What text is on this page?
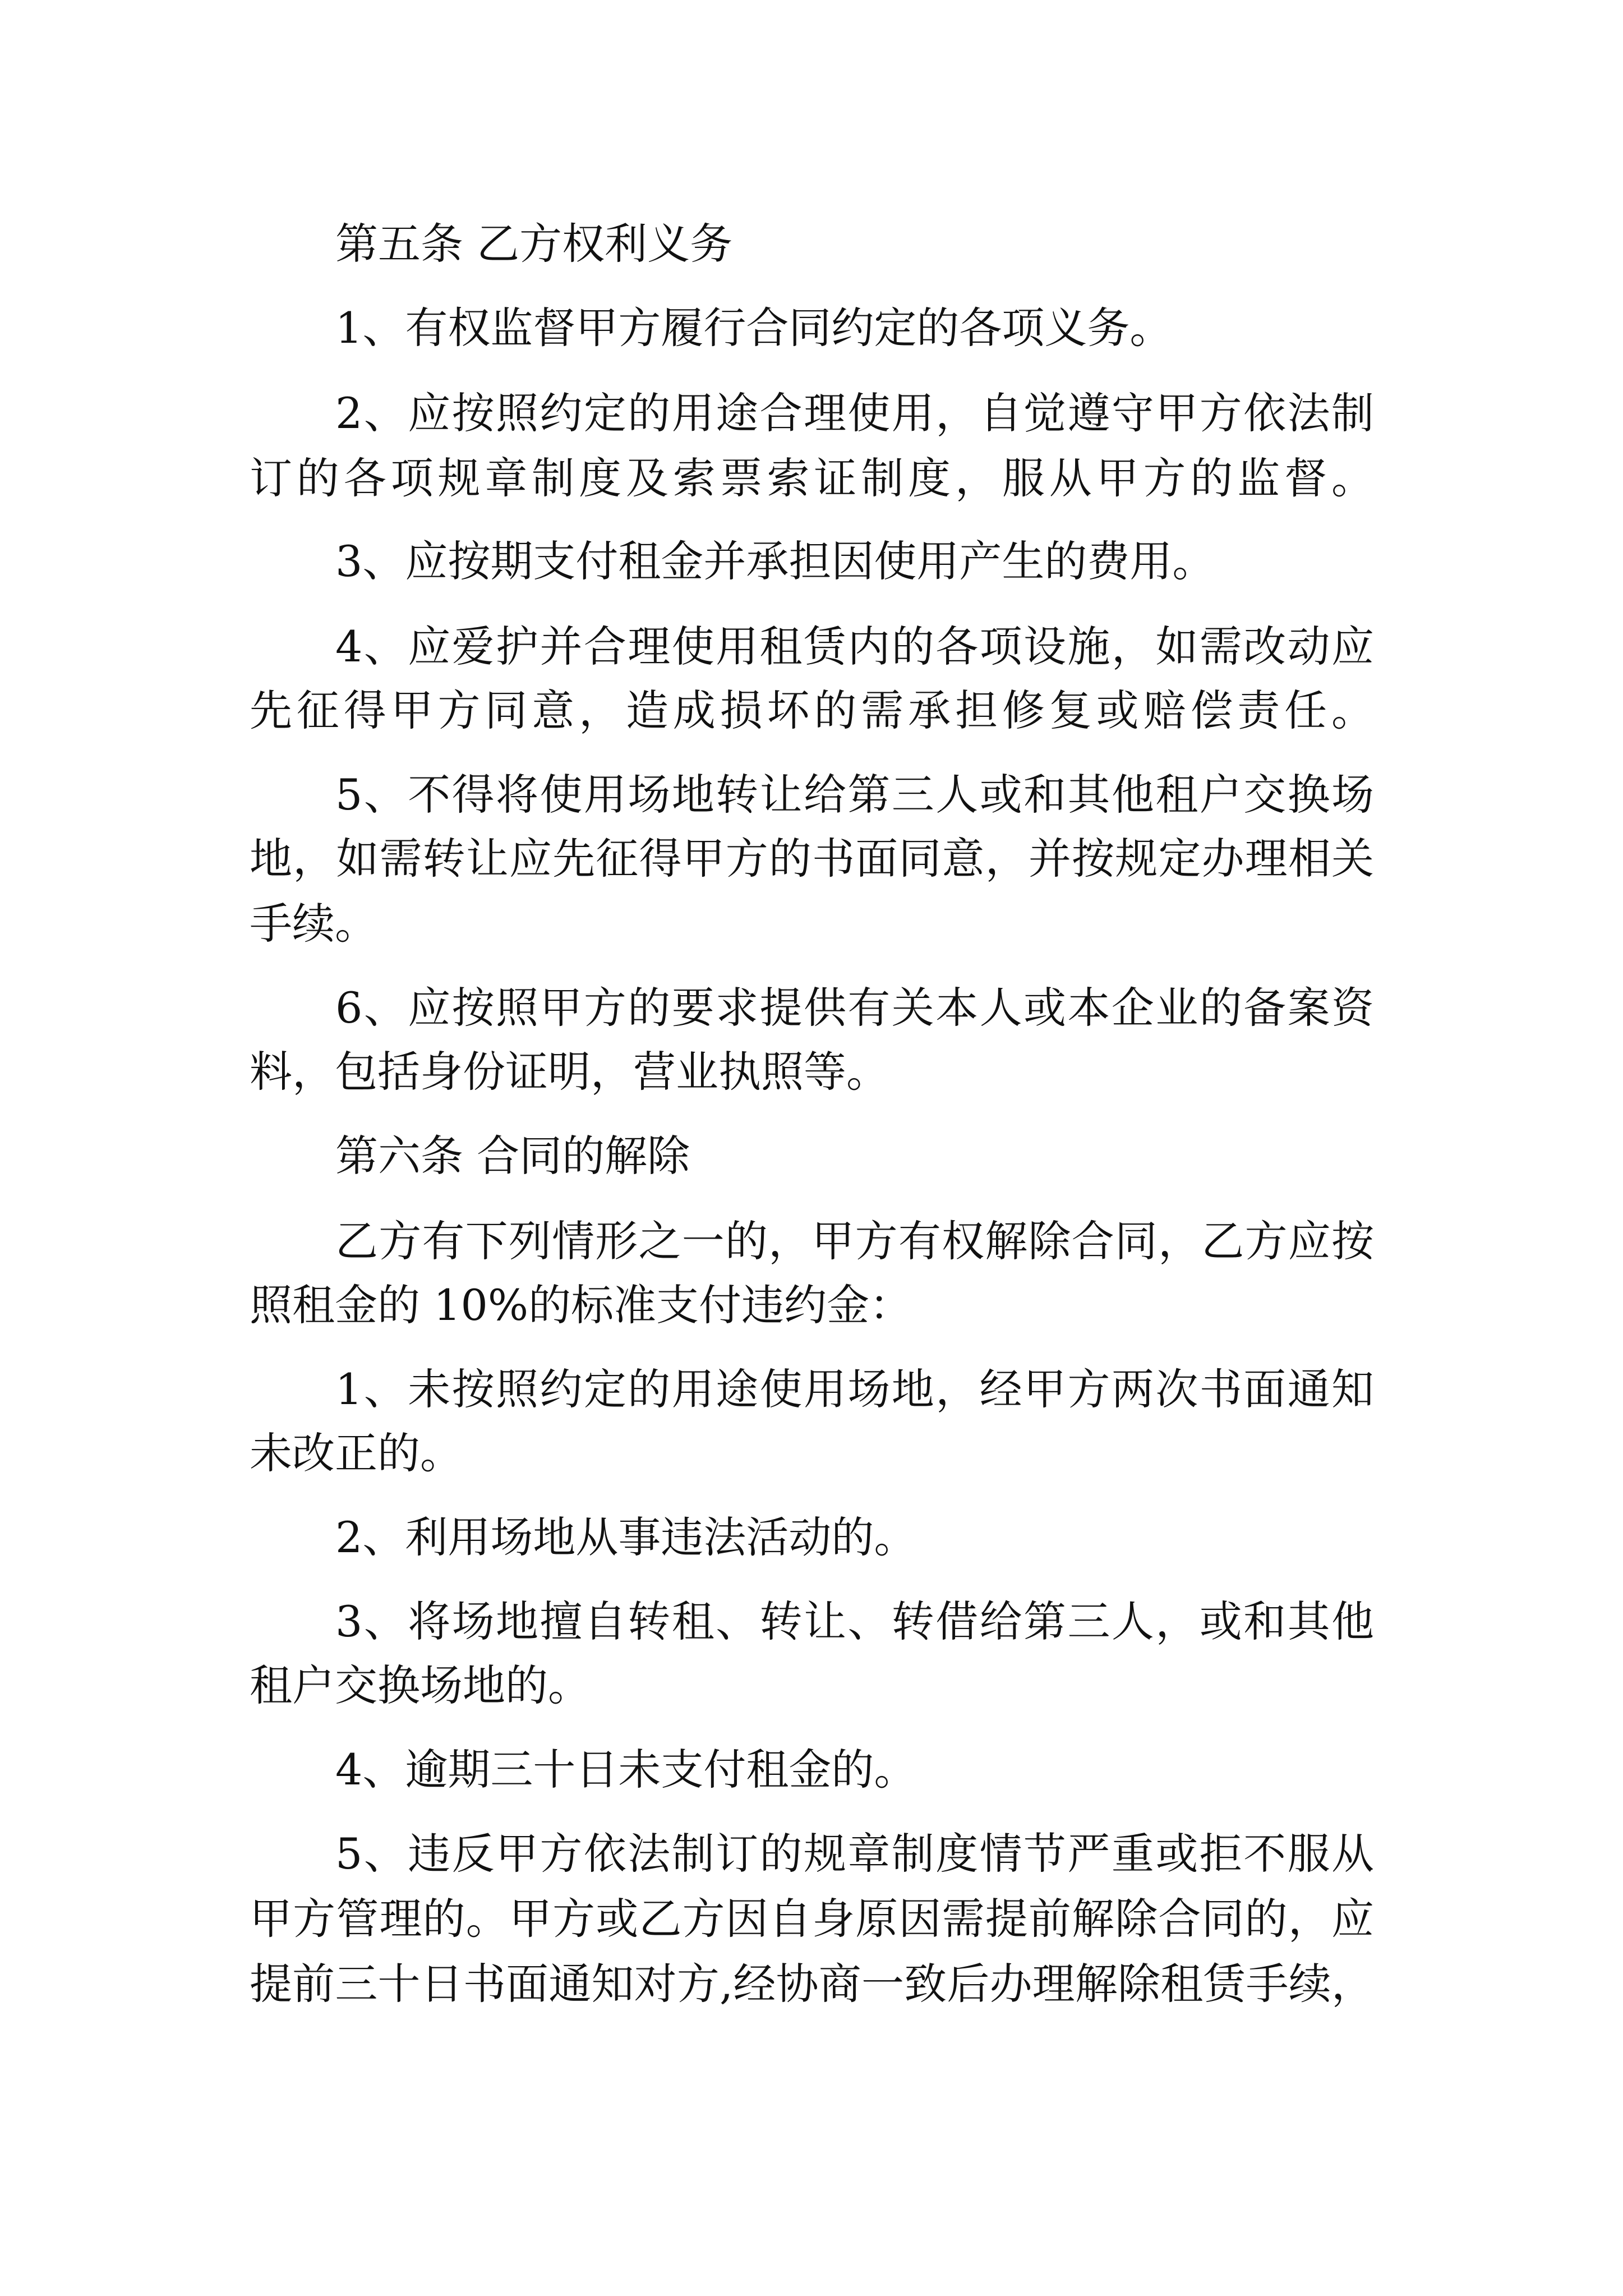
第五条 乙方权利义务
1、有权监督甲方履行合同约定的各项义务。
2、应按照约定的用途合理使用，自觉遵守甲方依法制
订的各项规章制度及索票索证制度，服从甲方的监督。
3、应按期支付租金并承担因使用产生的费用。
4、应爱护并合理使用租赁内的各项设施，如需改动应
先征得甲方同意，造成损坏的需承担修复或赔偿责任。
5、不得将使用场地转让给第三人或和其他租户交换场
地，如需转让应先征得甲方的书面同意，并按规定办理相关
手续。
6、应按照甲方的要求提供有关本人或本企业的备案资
料，包括身份证明，营业执照等。
第六条 合同的解除
乙方有下列情形之一的，甲方有权解除合同，乙方应按
照租金的 10%的标准支付违约金：
1、未按照约定的用途使用场地，经甲方两次书面通知
未改正的。
2、利用场地从事违法活动的。
3、将场地擅自转租、转让、转借给第三人，或和其他
租户交换场地的。
4、逾期三十日未支付租金的。
5、违反甲方依法制订的规章制度情节严重或拒不服从
甲方管理的。甲方或乙方因自身原因需提前解除合同的，应
提前三十日书面通知对方,经协商一致后办理解除租赁手续，
